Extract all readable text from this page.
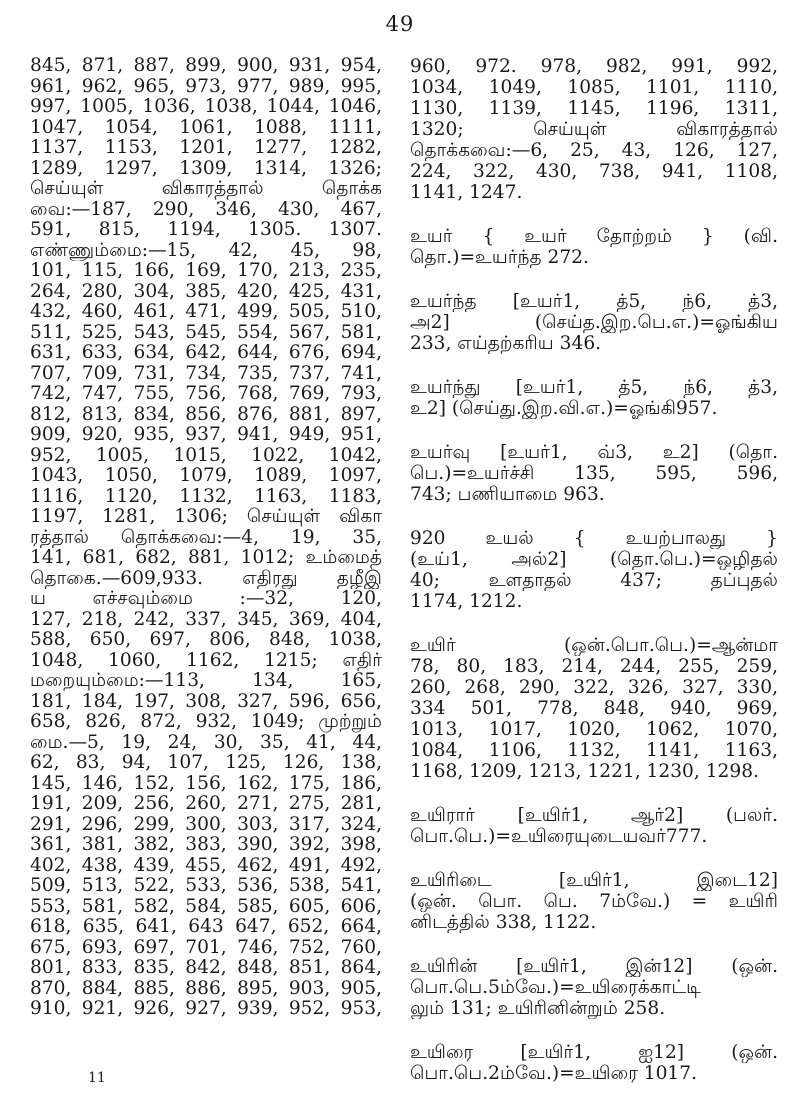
49
845, 871, 887, 899, 900, 931, 954,
961, 962, 965, 973, 977, 989, 995,
997, 1005, 1036, 1038, 1044, 1046,
1047, 1054, 1061, 1088, 1111,
1137, 1153, 1201, 1277, 1282,
1289, 1297, 1309, 1314, 1326;
செய்யுள் விகாரத்தால் தொக்க
வை:—187, 290, 346, 430, 467,
591, 815, 1194, 1305. 1307.
எண்ணும்மை:—15, 42, 45, 98,
101, 115, 166, 169, 170, 213, 235,
264, 280, 304, 385, 420, 425, 431,
432, 460, 461, 471, 499, 505, 510,
511, 525, 543, 545, 554, 567, 581,
631, 633, 634, 642, 644, 676, 694,
707, 709, 731, 734, 735, 737, 741,
742, 747, 755, 756, 768, 769, 793,
812, 813, 834, 856, 876, 881, 897,
909, 920, 935, 937, 941, 949, 951,
952, 1005, 1015, 1022, 1042,
1043, 1050, 1079, 1089, 1097,
1116, 1120, 1132, 1163, 1183,
1197, 1281, 1306; செய்யுள் விகா
ரத்தால் தொக்கவை:—4, 19, 35,
141, 681, 682, 881, 1012; உம்மைத்
தொகை.—609,933. எதிரது தழீஇ
ய எச்சவும்மை :—32, 120,
127, 218, 242, 337, 345, 369, 404,
588, 650, 697, 806, 848, 1038,
1048, 1060, 1162, 1215; எதிர்
மறையும்மை:—113, 134, 165,
181, 184, 197, 308, 327, 596, 656,
658, 826, 872, 932, 1049; முற்றும்
மை.—5, 19, 24, 30, 35, 41, 44,
62, 83, 94, 107, 125, 126, 138,
145, 146, 152, 156, 162, 175, 186,
191, 209, 256, 260, 271, 275, 281,
291, 296, 299, 300, 303, 317, 324,
361, 381, 382, 383, 390, 392, 398,
402, 438, 439, 455, 462, 491, 492,
509, 513, 522, 533, 536, 538, 541,
553, 581, 582, 584, 585, 605, 606,
618, 635, 641, 643 647, 652, 664,
675, 693, 697, 701, 746, 752, 760,
801, 833, 835, 842, 848, 851, 864,
870, 884, 885, 886, 895, 903, 905,
910, 921, 926, 927, 939, 952, 953,
960, 972. 978, 982, 991, 992,
1034, 1049, 1085, 1101, 1110,
1130, 1139, 1145, 1196, 1311,
1320; செய்யுள் விகாரத்தால்
தொக்கவை:—6, 25, 43, 126, 127,
224, 322, 430, 738, 941, 1108,
1141, 1247.
உயர் { உயர் தோற்றம் } (வி.
தொ.)=உயர்ந்த 272.
உயர்ந்த [உயர்1, த்5, ந்6, த்3,
அ2] (செய்த.இற.பெ.எ.)=ஓங்கிய
233, எய்தற்கரிய 346.
உயர்ந்து [உயர்1, த்5, ந்6, த்3,
உ2] (செய்து.இற.வி.எ.)=ஓங்கி957.
உயர்வு [உயர்1, வ்3, உ2] (தொ.
பெ.)=உயர்ச்சி 135, 595, 596,
743; பணியாமை 963.
920 உயல் { உயற்பாலது }
(உய்1, அல்2] (தொ.பெ.)=ஒழிதல்
40; உளதாதல் 437; தப்புதல்
1174, 1212.
உயிர் (ஒன்.பொ.பெ.)=ஆன்மா
78, 80, 183, 214, 244, 255, 259,
260, 268, 290, 322, 326, 327, 330,
334 501, 778, 848, 940, 969,
1013, 1017, 1020, 1062, 1070,
1084, 1106, 1132, 1141, 1163,
1168, 1209, 1213, 1221, 1230, 1298.
உயிரார் [உயிர்1, ஆர்2] (பலர்.
பொ.பெ.)=உயிரையுடையவர்777.
உயிரிடை [உயிர்1, இடை12]
(ஒன். பொ. பெ. 7ம்வே.) = உயிரி
னிடத்தில் 338, 1122.
உயிரின் [உயிர்1, இன்12] (ஒன்.
பொ.பெ.5ம்வே.)=உயிரைக்காட்டி
லும் 131; உயிரினின்றும் 258.
உயிரை [உயிர்1, ஐ12] (ஒன்.
பொ.பெ.2ம்வே.)=உயிரை 1017.
11
